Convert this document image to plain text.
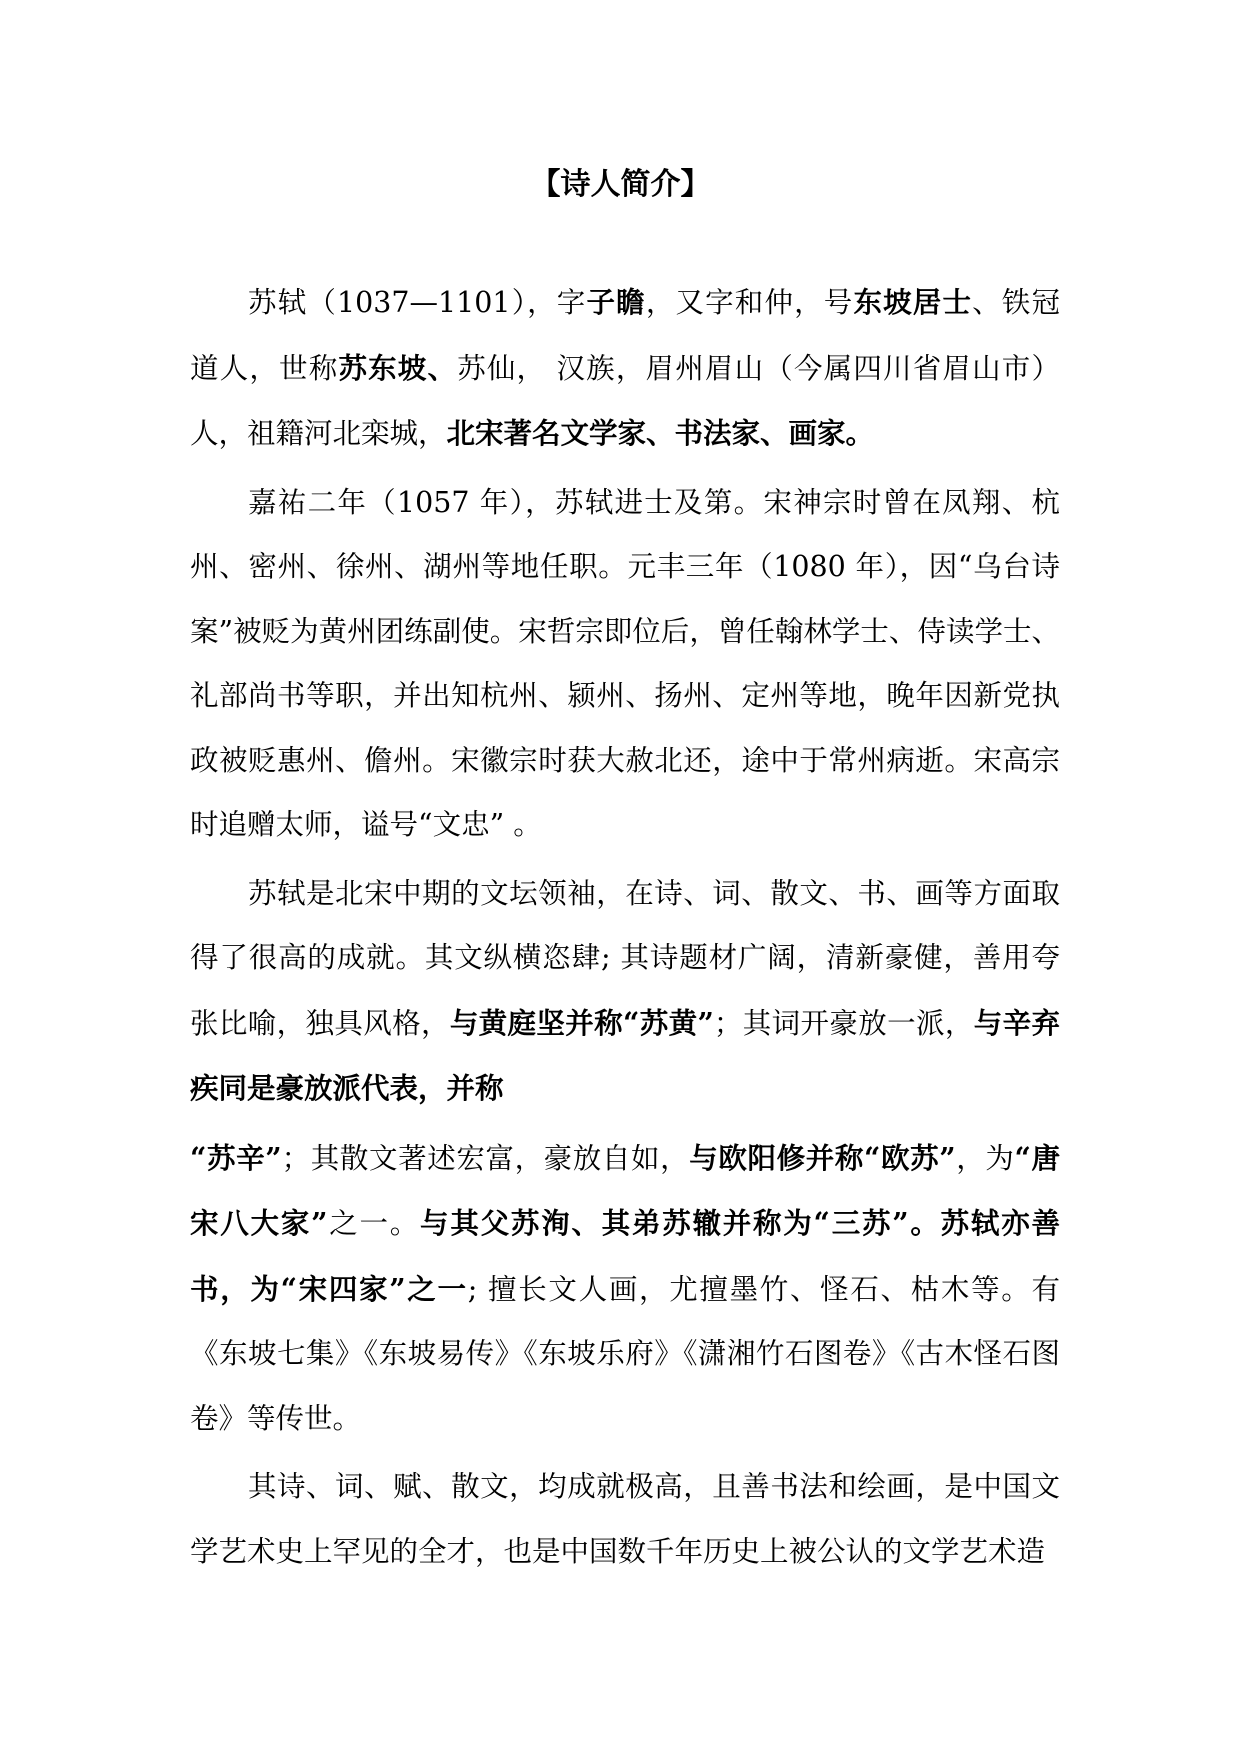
【诗人简介】

苏轼（1037—1101），字子瞻，又字和仲，号东坡居士、铁冠道人，世称苏东坡、苏仙， 汉族，眉州眉山（今属四川省眉山市）人，祖籍河北栾城，北宋著名文学家、书法家、画家。

嘉祐二年（1057 年），苏轼进士及第。宋神宗时曾在凤翔、杭州、密州、徐州、湖州等地任职。元丰三年（1080 年），因“乌台诗案”被贬为黄州团练副使。宋哲宗即位后，曾任翰林学士、侍读学士、礼部尚书等职，并出知杭州、颍州、扬州、定州等地，晚年因新党执政被贬惠州、儋州。宋徽宗时获大赦北还，途中于常州病逝。宋高宗时追赠太师，谥号“文忠” 。

苏轼是北宋中期的文坛领袖，在诗、词、散文、书、画等方面取得了很高的成就。其文纵横恣肆; 其诗题材广阔，清新豪健，善用夸张比喻，独具风格，与黄庭坚并称“苏黄”；其词开豪放一派，与辛弃疾同是豪放派代表，并称

“苏辛”；其散文著述宏富，豪放自如，与欧阳修并称“欧苏”，为“唐宋八大家”之一。与其父苏洵、其弟苏辙并称为“三苏”。苏轼亦善书，为“宋四家”之一; 擅长文人画，尤擅墨竹、怪石、枯木等。有《东坡七集》《东坡易传》《东坡乐府》《潇湘竹石图卷》《古木怪石图卷》等传世。

其诗、词、赋、散文，均成就极高，且善书法和绘画，是中国文学艺术史上罕见的全才，也是中国数千年历史上被公认的文学艺术造
